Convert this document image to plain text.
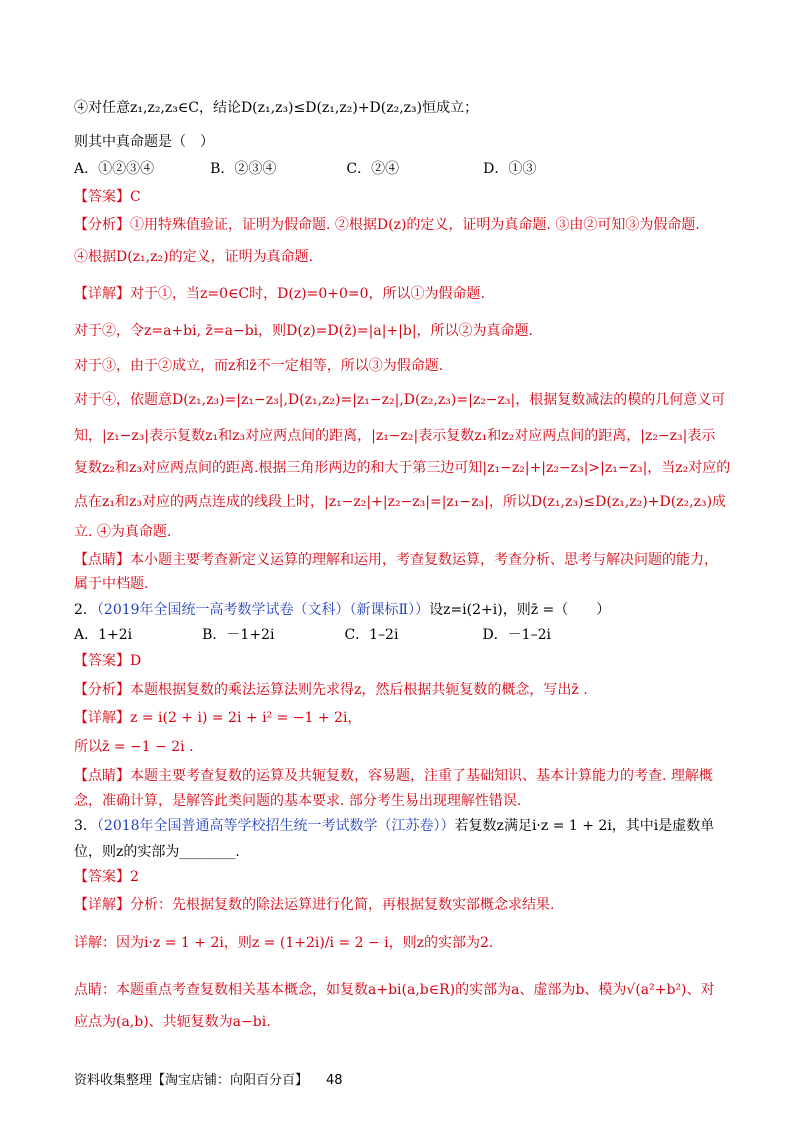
④对任意z₁,z₂,z₃∈C，结论D(z₁,z₃)≤D(z₁,z₂)+D(z₂,z₃)恒成立；
则其中真命题是（　）
A．①②③④　　　　B．②③④　　　　　C．②④　　　　　　D．①③
【答案】C
【分析】①用特殊值验证，证明为假命题. ②根据D(z)的定义，证明为真命题. ③由②可知③为假命题.
④根据D(z₁,z₂)的定义，证明为真命题.
【详解】对于①，当z=0∈C时，D(z)=0+0=0，所以①为假命题.
对于②，令z=a+bi, z̄=a−bi，则D(z)=D(z̄)=|a|+|b|，所以②为真命题.
对于③，由于②成立，而z和z̄不一定相等，所以③为假命题.
对于④，依题意D(z₁,z₃)=|z₁−z₃|,D(z₁,z₂)=|z₁−z₂|,D(z₂,z₃)=|z₂−z₃|，根据复数减法的模的几何意义可
知，|z₁−z₃|表示复数z₁和z₃对应两点间的距离，|z₁−z₂|表示复数z₁和z₂对应两点间的距离，|z₂−z₃|表示
复数z₂和z₃对应两点间的距离.根据三角形两边的和大于第三边可知|z₁−z₂|+|z₂−z₃|>|z₁−z₃|，当z₂对应的
点在z₁和z₃对应的两点连成的线段上时，|z₁−z₂|+|z₂−z₃|=|z₁−z₃|，所以D(z₁,z₃)≤D(z₁,z₂)+D(z₂,z₃)成
立. ④为真命题.
【点睛】本小题主要考查新定义运算的理解和运用，考查复数运算，考查分析、思考与解决问题的能力，
属于中档题.
2．（2019年全国统一高考数学试卷（文科）（新课标Ⅱ））设z=i(2+i)，则z̄ =（　　）
A．1+2i　　　　　B．－1+2i　　　　　C．1–2i　　　　　　D．－1–2i
【答案】D
【分析】本题根据复数的乘法运算法则先求得z，然后根据共轭复数的概念，写出z̄ .
【详解】z = i(2 + i) = 2i + i² = −1 + 2i，
所以z̄ = −1 − 2i .
【点睛】本题主要考查复数的运算及共轭复数，容易题，注重了基础知识、基本计算能力的考查. 理解概
念，准确计算，是解答此类问题的基本要求. 部分考生易出现理解性错误.
3．（2018年全国普通高等学校招生统一考试数学（江苏卷））若复数z满足i·z = 1 + 2i，其中i是虚数单
位，则z的实部为________.
【答案】2
【详解】分析：先根据复数的除法运算进行化简，再根据复数实部概念求结果.
详解：因为i·z = 1 + 2i，则z = (1+2i)/i = 2 − i，则z的实部为2.
点睛：本题重点考查复数相关基本概念，如复数a+bi(a,b∈R)的实部为a、虚部为b、模为√(a²+b²)、对
应点为(a,b)、共轭复数为a−bi.
资料收集整理【淘宝店铺：向阳百分百】 48
